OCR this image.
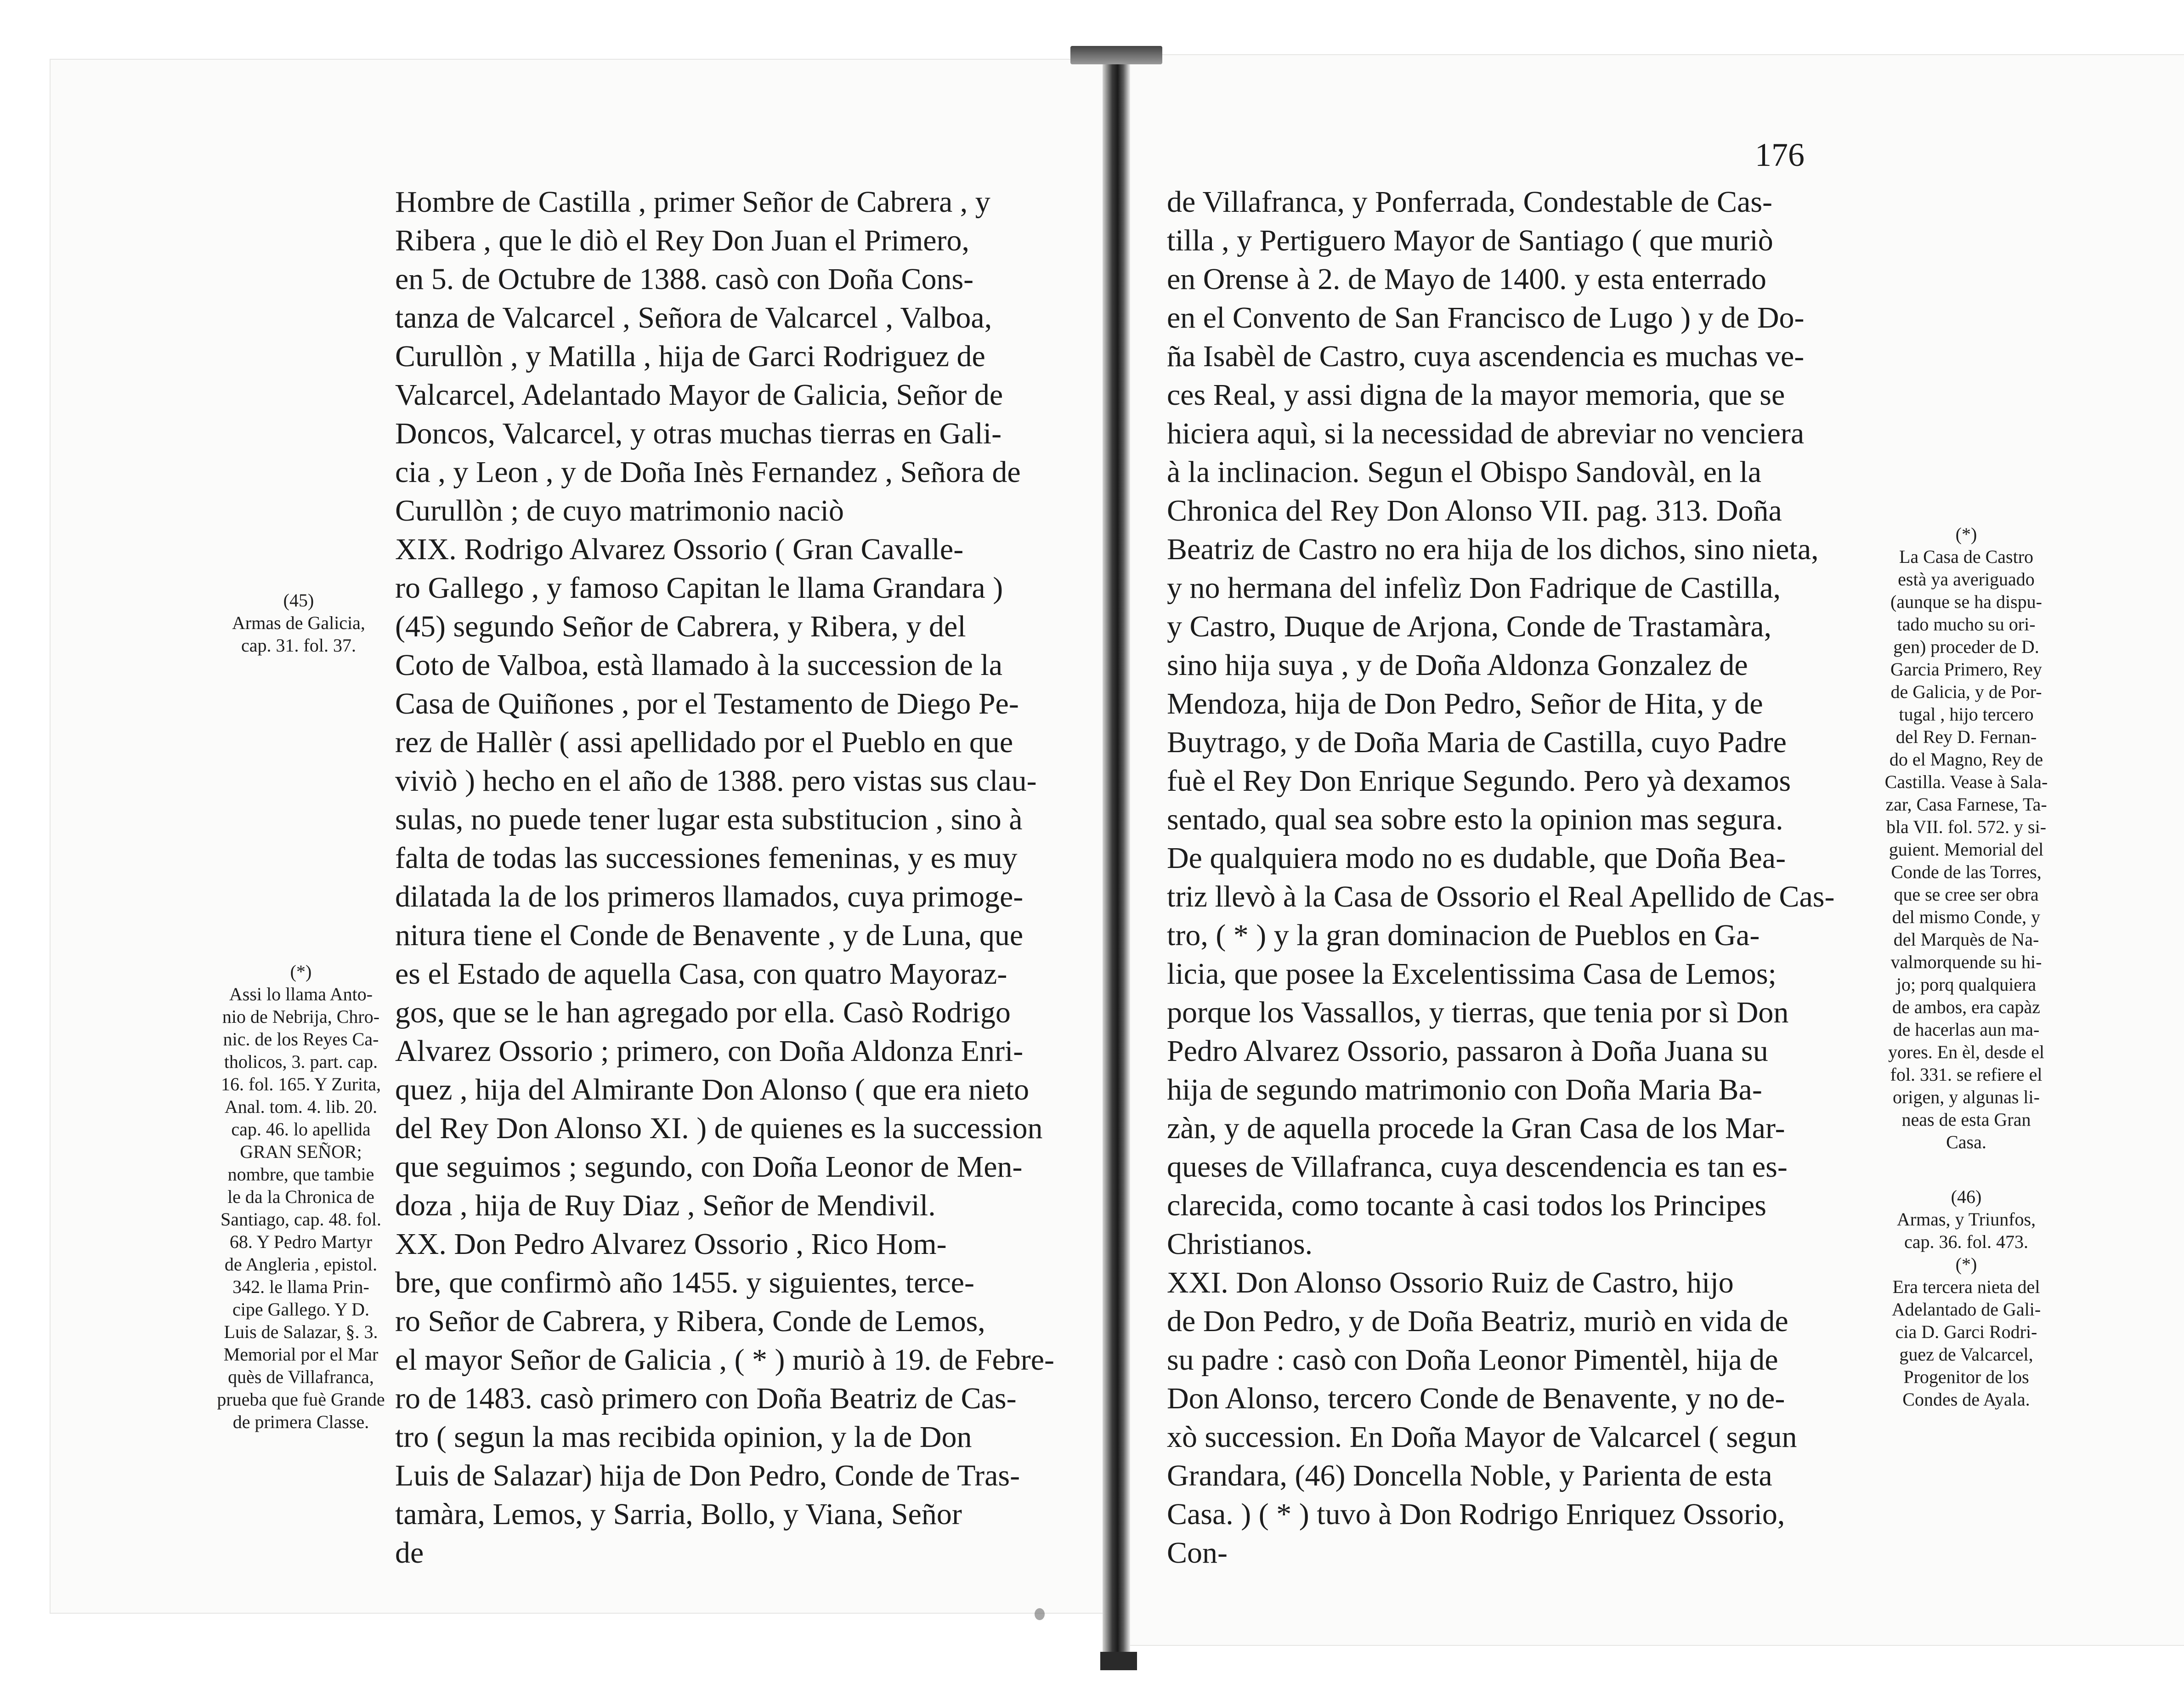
176
Hombre de Castilla , primer Señor de Cabrera , y
Ribera , que le diò el Rey Don Juan el Primero,
en 5. de Octubre de 1388. casò con Doña Cons-
tanza de Valcarcel , Señora de Valcarcel , Valboa,
Curullòn , y Matilla , hija de Garci Rodriguez de
Valcarcel, Adelantado Mayor de Galicia, Señor de
Doncos, Valcarcel, y otras muchas tierras en Gali-
cia , y Leon , y de Doña Inès Fernandez , Señora de
Curullòn ; de cuyo matrimonio naciò
XIX. Rodrigo Alvarez Ossorio ( Gran Cavalle-
ro Gallego , y famoso Capitan le llama Grandara )
(45) segundo Señor de Cabrera, y Ribera, y del
Coto de Valboa, està llamado à la succession de la
Casa de Quiñones , por el Testamento de Diego Pe-
rez de Hallèr ( assi apellidado por el Pueblo en que
viviò ) hecho en el año de 1388. pero vistas sus clau-
sulas, no puede tener lugar esta substitucion , sino à
falta de todas las successiones femeninas, y es muy
dilatada la de los primeros llamados, cuya primoge-
nitura tiene el Conde de Benavente , y de Luna, que
es el Estado de aquella Casa, con quatro Mayoraz-
gos, que se le han agregado por ella. Casò Rodrigo
Alvarez Ossorio ; primero, con Doña Aldonza Enri-
quez , hija del Almirante Don Alonso ( que era nieto
del Rey Don Alonso XI. ) de quienes es la succession
que seguimos ; segundo, con Doña Leonor de Men-
doza , hija de Ruy Diaz , Señor de Mendivil.
XX. Don Pedro Alvarez Ossorio , Rico Hom-
bre, que confirmò año 1455. y siguientes, terce-
ro Señor de Cabrera, y Ribera, Conde de Lemos,
el mayor Señor de Galicia , ( * ) muriò à 19. de Febre-
ro de 1483. casò primero con Doña Beatriz de Cas-
tro ( segun la mas recibida opinion, y la de Don
Luis de Salazar) hija de Don Pedro, Conde de Tras-
tamàra, Lemos, y Sarria, Bollo, y Viana, Señor
de
de Villafranca, y Ponferrada, Condestable de Cas-
tilla , y Pertiguero Mayor de Santiago ( que muriò
en Orense à 2. de Mayo de 1400. y esta enterrado
en el Convento de San Francisco de Lugo ) y de Do-
ña Isabèl de Castro, cuya ascendencia es muchas ve-
ces Real, y assi digna de la mayor memoria, que se
hiciera aquì, si la necessidad de abreviar no venciera
à la inclinacion. Segun el Obispo Sandovàl, en la
Chronica del Rey Don Alonso VII. pag. 313. Doña
Beatriz de Castro no era hija de los dichos, sino nieta,
y no hermana del infelìz Don Fadrique de Castilla,
y Castro, Duque de Arjona, Conde de Trastamàra,
sino hija suya , y de Doña Aldonza Gonzalez de
Mendoza, hija de Don Pedro, Señor de Hita, y de
Buytrago, y de Doña Maria de Castilla, cuyo Padre
fuè el Rey Don Enrique Segundo. Pero yà dexamos
sentado, qual sea sobre esto la opinion mas segura.
De qualquiera modo no es dudable, que Doña Bea-
triz llevò à la Casa de Ossorio el Real Apellido de Cas-
tro, ( * ) y la gran dominacion de Pueblos en Ga-
licia, que posee la Excelentissima Casa de Lemos;
porque los Vassallos, y tierras, que tenia por sì Don
Pedro Alvarez Ossorio, passaron à Doña Juana su
hija de segundo matrimonio con Doña Maria Ba-
zàn, y de aquella procede la Gran Casa de los Mar-
queses de Villafranca, cuya descendencia es tan es-
clarecida, como tocante à casi todos los Principes
Christianos.
XXI. Don Alonso Ossorio Ruiz de Castro, hijo
de Don Pedro, y de Doña Beatriz, muriò en vida de
su padre : casò con Doña Leonor Pimentèl, hija de
Don Alonso, tercero Conde de Benavente, y no de-
xò succession. En Doña Mayor de Valcarcel ( segun
Grandara, (46) Doncella Noble, y Parienta de esta
Casa. ) ( * ) tuvo à Don Rodrigo Enriquez Ossorio,
Con-
(45)
Armas de Galicia,
cap. 31. fol. 37.
(*)
Assi lo llama Anto-
nio de Nebrija, Chro-
nic. de los Reyes Ca-
tholicos, 3. part. cap.
16. fol. 165. Y Zurita,
Anal. tom. 4. lib. 20.
cap. 46. lo apellida
GRAN SEÑOR;
nombre, que tambie
le da la Chronica de
Santiago, cap. 48. fol.
68. Y Pedro Martyr
de Angleria , epistol.
342. le llama Prin-
cipe Gallego. Y D.
Luis de Salazar, §. 3.
Memorial por el Mar
quès de Villafranca,
prueba que fuè Grande
de primera Classe.
(*)
La Casa de Castro
està ya averiguado
(aunque se ha dispu-
tado mucho su ori-
gen) proceder de D.
Garcia Primero, Rey
de Galicia, y de Por-
tugal , hijo tercero
del Rey D. Fernan-
do el Magno, Rey de
Castilla. Vease à Sala-
zar, Casa Farnese, Ta-
bla VII. fol. 572. y si-
guient. Memorial del
Conde de las Torres,
que se cree ser obra
del mismo Conde, y
del Marquès de Na-
valmorquende su hi-
jo; porq qualquiera
de ambos, era capàz
de hacerlas aun ma-
yores. En èl, desde el
fol. 331. se refiere el
origen, y algunas li-
neas de esta Gran
Casa.
(46)
Armas, y Triunfos,
cap. 36. fol. 473.
(*)
Era tercera nieta del
Adelantado de Gali-
cia D. Garci Rodri-
guez de Valcarcel,
Progenitor de los
Condes de Ayala.
